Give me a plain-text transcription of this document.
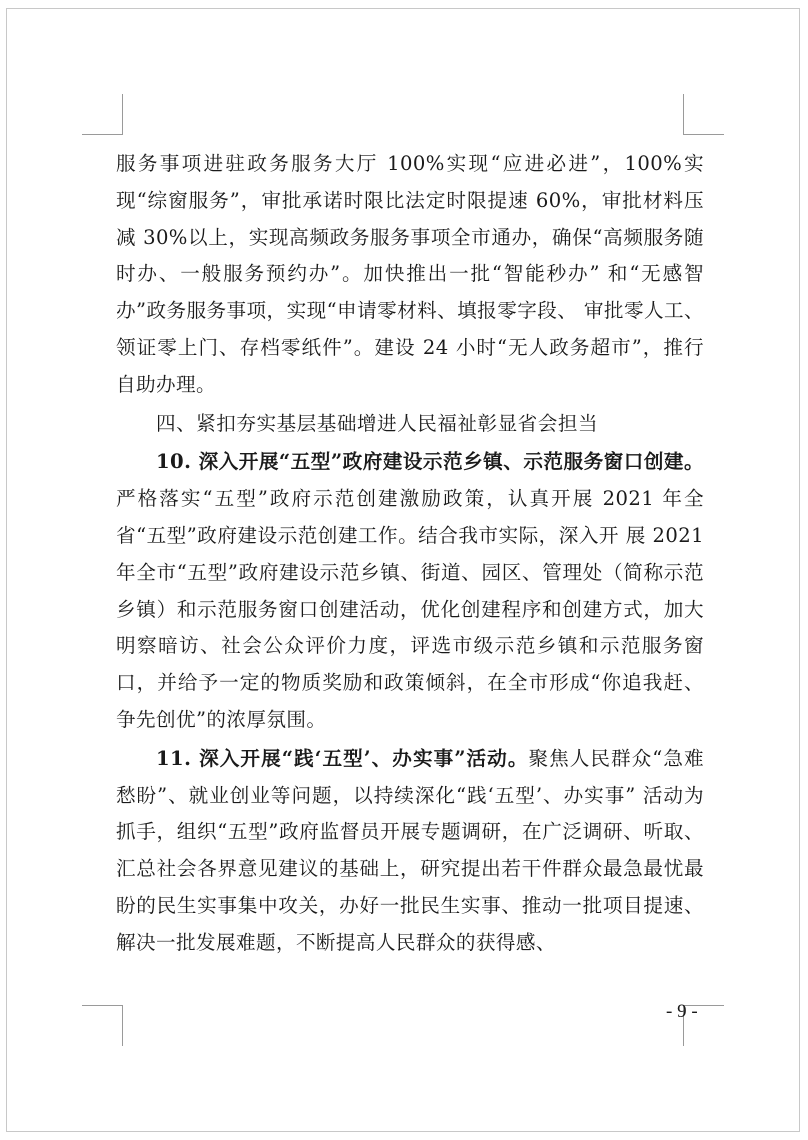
服务事项进驻政务服务大厅 100%实现“应进必进”，100%实现“综窗服务”，审批承诺时限比法定时限提速 60%，审批材料压减 30%以上，实现高频政务服务事项全市通办，确保“高频服务随时办、一般服务预约办”。加快推出一批“智能秒办” 和“无感智办”政务服务事项，实现“申请零材料、填报零字段、 审批零人工、领证零上门、存档零纸件”。建设 24 小时“无人政务超市”，推行自助办理。

四、紧扣夯实基层基础增进人民福祉彰显省会担当

10. 深入开展“五型”政府建设示范乡镇、示范服务窗口创建。严格落实“五型”政府示范创建激励政策，认真开展 2021 年全省“五型”政府建设示范创建工作。结合我市实际，深入开 展 2021 年全市“五型”政府建设示范乡镇、街道、园区、管理处（简称示范乡镇）和示范服务窗口创建活动，优化创建程序和创建方式，加大明察暗访、社会公众评价力度，评选市级示范乡镇和示范服务窗口，并给予一定的物质奖励和政策倾斜，在全市形成“你追我赶、争先创优”的浓厚氛围。

11. 深入开展“践‘五型’、办实事”活动。聚焦人民群众“急难愁盼”、就业创业等问题，以持续深化“践‘五型’、办实事” 活动为抓手，组织“五型”政府监督员开展专题调研，在广泛调研、听取、汇总社会各界意见建议的基础上，研究提出若干件群众最急最忧最盼的民生实事集中攻关，办好一批民生实事、推动一批项目提速、解决一批发展难题，不断提高人民群众的获得感、

- 9 -
